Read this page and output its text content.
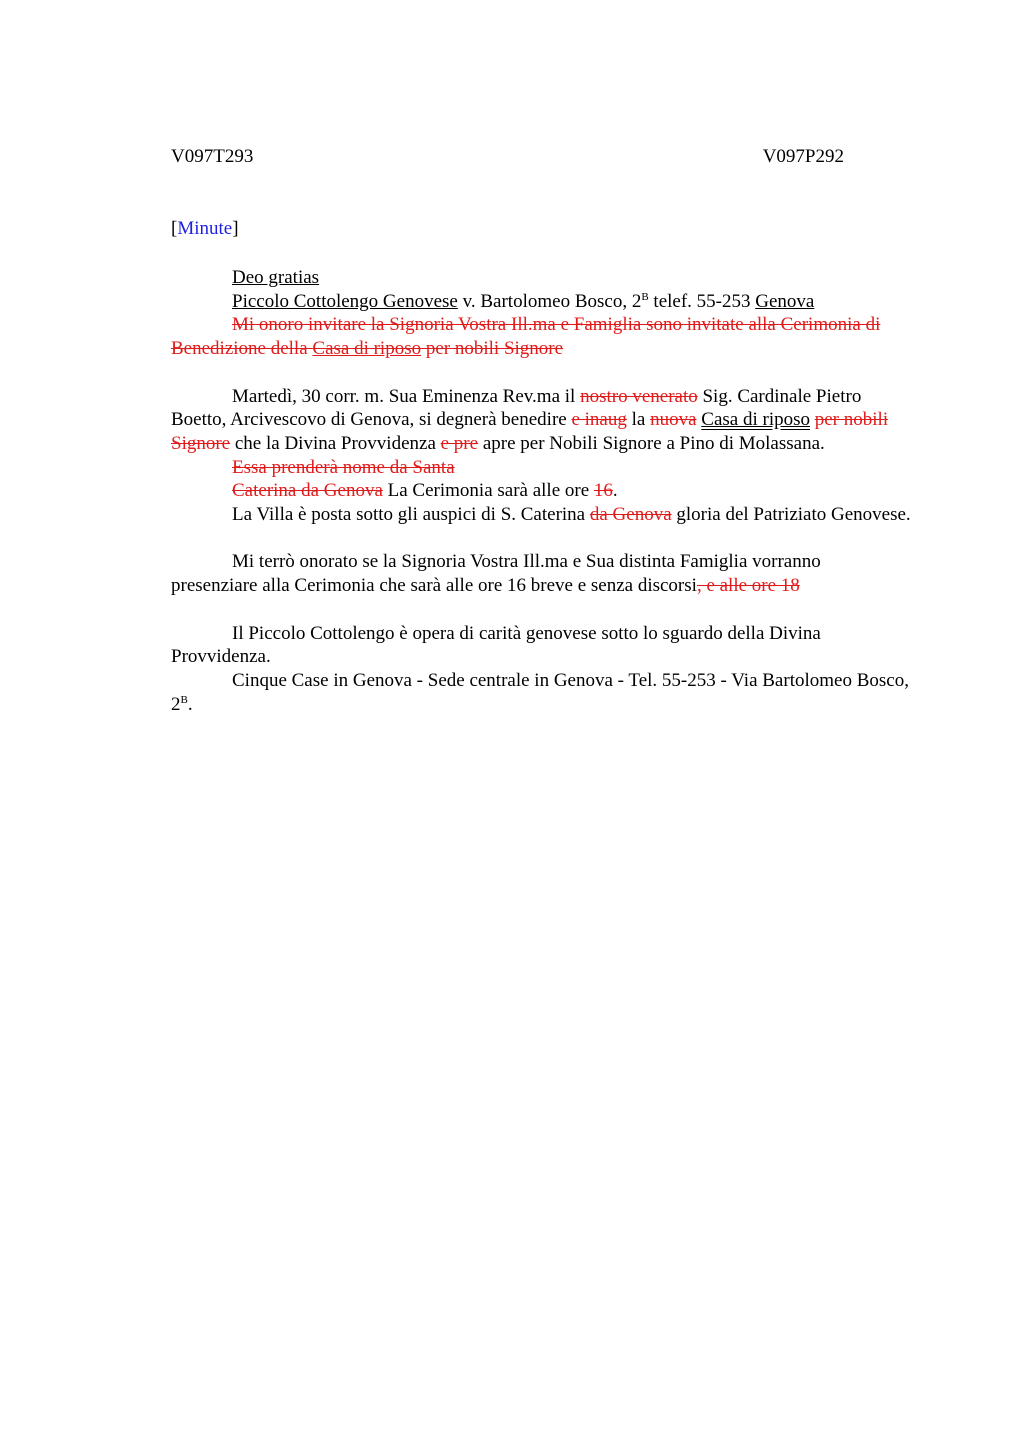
V097T293	V097P292
[Minute]

Deo gratias

Piccolo Cottolengo Genovese v. Bartolomeo Bosco, $2^B$ telef. 55-253 Genova

Mi onoro invitare la Signoria Vostra Ill.ma e Famiglia sono invitate alla Cerimonia di Benedizione della Casa di riposo per nobili Signore

Martedì, 30 corr. m. Sua Eminenza Rev.ma il nostro venerato Sig. Cardinale Pietro Boetto, Arcivescovo di Genova, si degnerà benedire e inaug la nuova Casa di riposo per nobili Signore che la Divina Provvidenza e pre apre per Nobili Signore a Pino di Molassana.

Essa prenderà nome da Santa

Caterina da Genova La Cerimonia sarà alle ore 16.

La Villa è posta sotto gli auspici di S. Caterina da Genova gloria del Patriziato Genovese.

Mi terrò onorato se la Signoria Vostra Ill.ma e Sua distinta Famiglia vorranno presenziare alla Cerimonia che sarà alle ore 16 breve e senza discorsi, e alle ore 18

Il Piccolo Cottolengo è opera di carità genovese sotto lo sguardo della Divina Provvidenza.

Cinque Case in Genova - Sede centrale in Genova - Tel. 55-253 - Via Bartolomeo Bosco, $2^B$.
